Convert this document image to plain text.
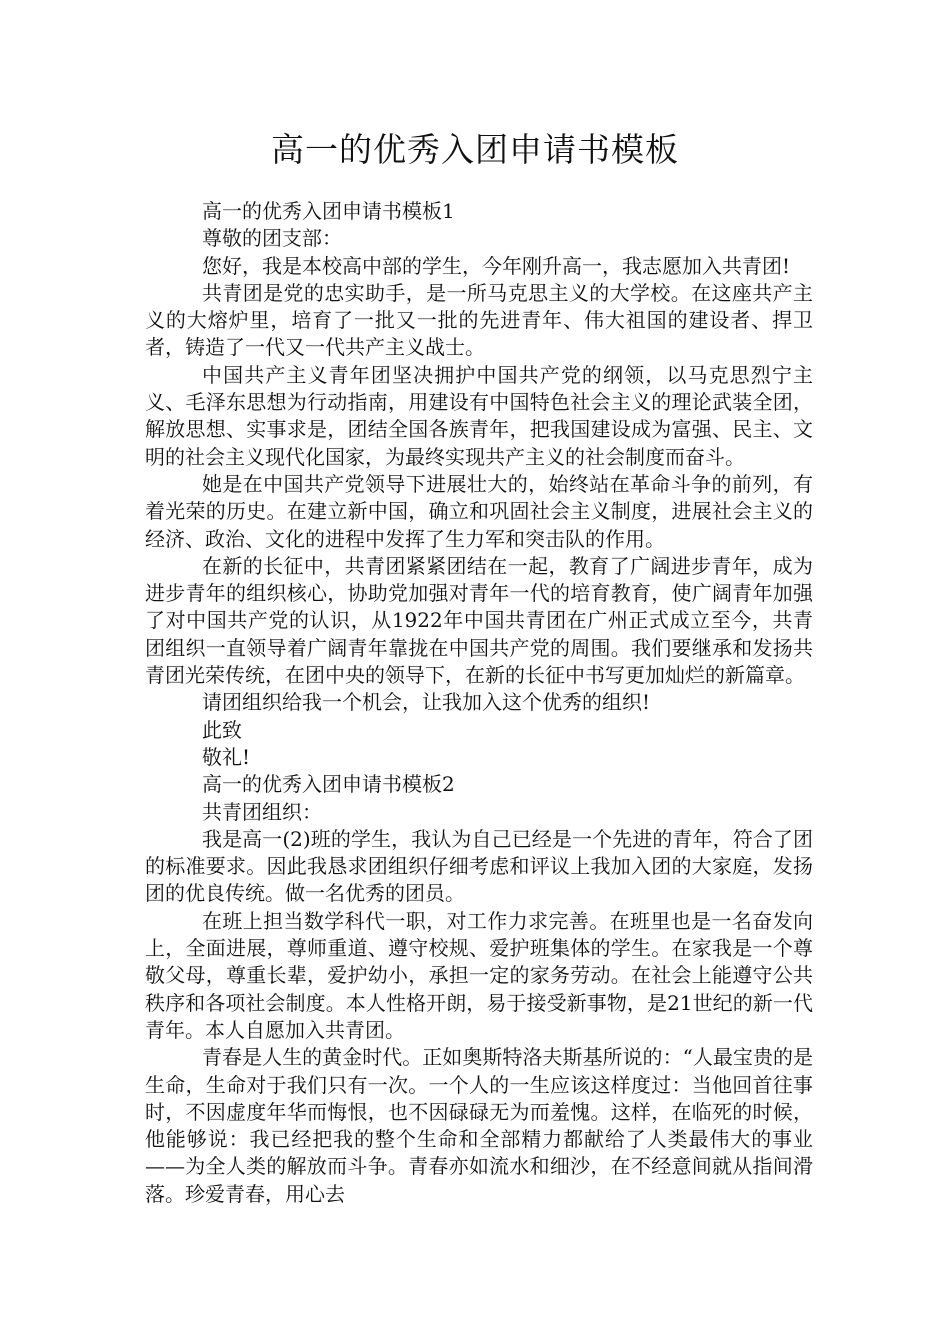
高一的优秀入团申请书模板

高一的优秀入团申请书模板1

尊敬的团支部：

您好，我是本校高中部的学生，今年刚升高一，我志愿加入共青团!

共青团是党的忠实助手，是一所马克思主义的大学校。在这座共产主义的大熔炉里，培育了一批又一批的先进青年、伟大祖国的建设者、捍卫者，铸造了一代又一代共产主义战士。

中国共产主义青年团坚决拥护中国共产党的纲领，以马克思烈宁主义、毛泽东思想为行动指南，用建设有中国特色社会主义的理论武装全团，解放思想、实事求是，团结全国各族青年，把我国建设成为富强、民主、文明的社会主义现代化国家，为最终实现共产主义的社会制度而奋斗。

她是在中国共产党领导下进展壮大的，始终站在革命斗争的前列，有着光荣的历史。在建立新中国，确立和巩固社会主义制度，进展社会主义的经济、政治、文化的进程中发挥了生力军和突击队的作用。

在新的长征中，共青团紧紧团结在一起，教育了广阔进步青年，成为进步青年的组织核心，协助党加强对青年一代的培育教育，使广阔青年加强了对中国共产党的认识，从1922年中国共青团在广州正式成立至今，共青团组织一直领导着广阔青年靠拢在中国共产党的周围。我们要继承和发扬共青团光荣传统，在团中央的领导下，在新的长征中书写更加灿烂的新篇章。

请团组织给我一个机会，让我加入这个优秀的组织!

此致

敬礼!

高一的优秀入团申请书模板2

共青团组织：

我是高一(2)班的学生，我认为自己已经是一个先进的青年，符合了团的标准要求。因此我恳求团组织仔细考虑和评议上我加入团的大家庭，发扬团的优良传统。做一名优秀的团员。

在班上担当数学科代一职，对工作力求完善。在班里也是一名奋发向上，全面进展，尊师重道、遵守校规、爱护班集体的学生。在家我是一个尊敬父母，尊重长辈，爱护幼小，承担一定的家务劳动。在社会上能遵守公共秩序和各项社会制度。本人性格开朗，易于接受新事物，是21世纪的新一代青年。本人自愿加入共青团。

青春是人生的黄金时代。正如奥斯特洛夫斯基所说的：“人最宝贵的是生命，生命对于我们只有一次。一个人的一生应该这样度过：当他回首往事时，不因虚度年华而悔恨，也不因碌碌无为而羞愧。这样，在临死的时候，他能够说：我已经把我的整个生命和全部精力都献给了人类最伟大的事业——为全人类的解放而斗争。青春亦如流水和细沙，在不经意间就从指间滑落。珍爱青春，用心去
